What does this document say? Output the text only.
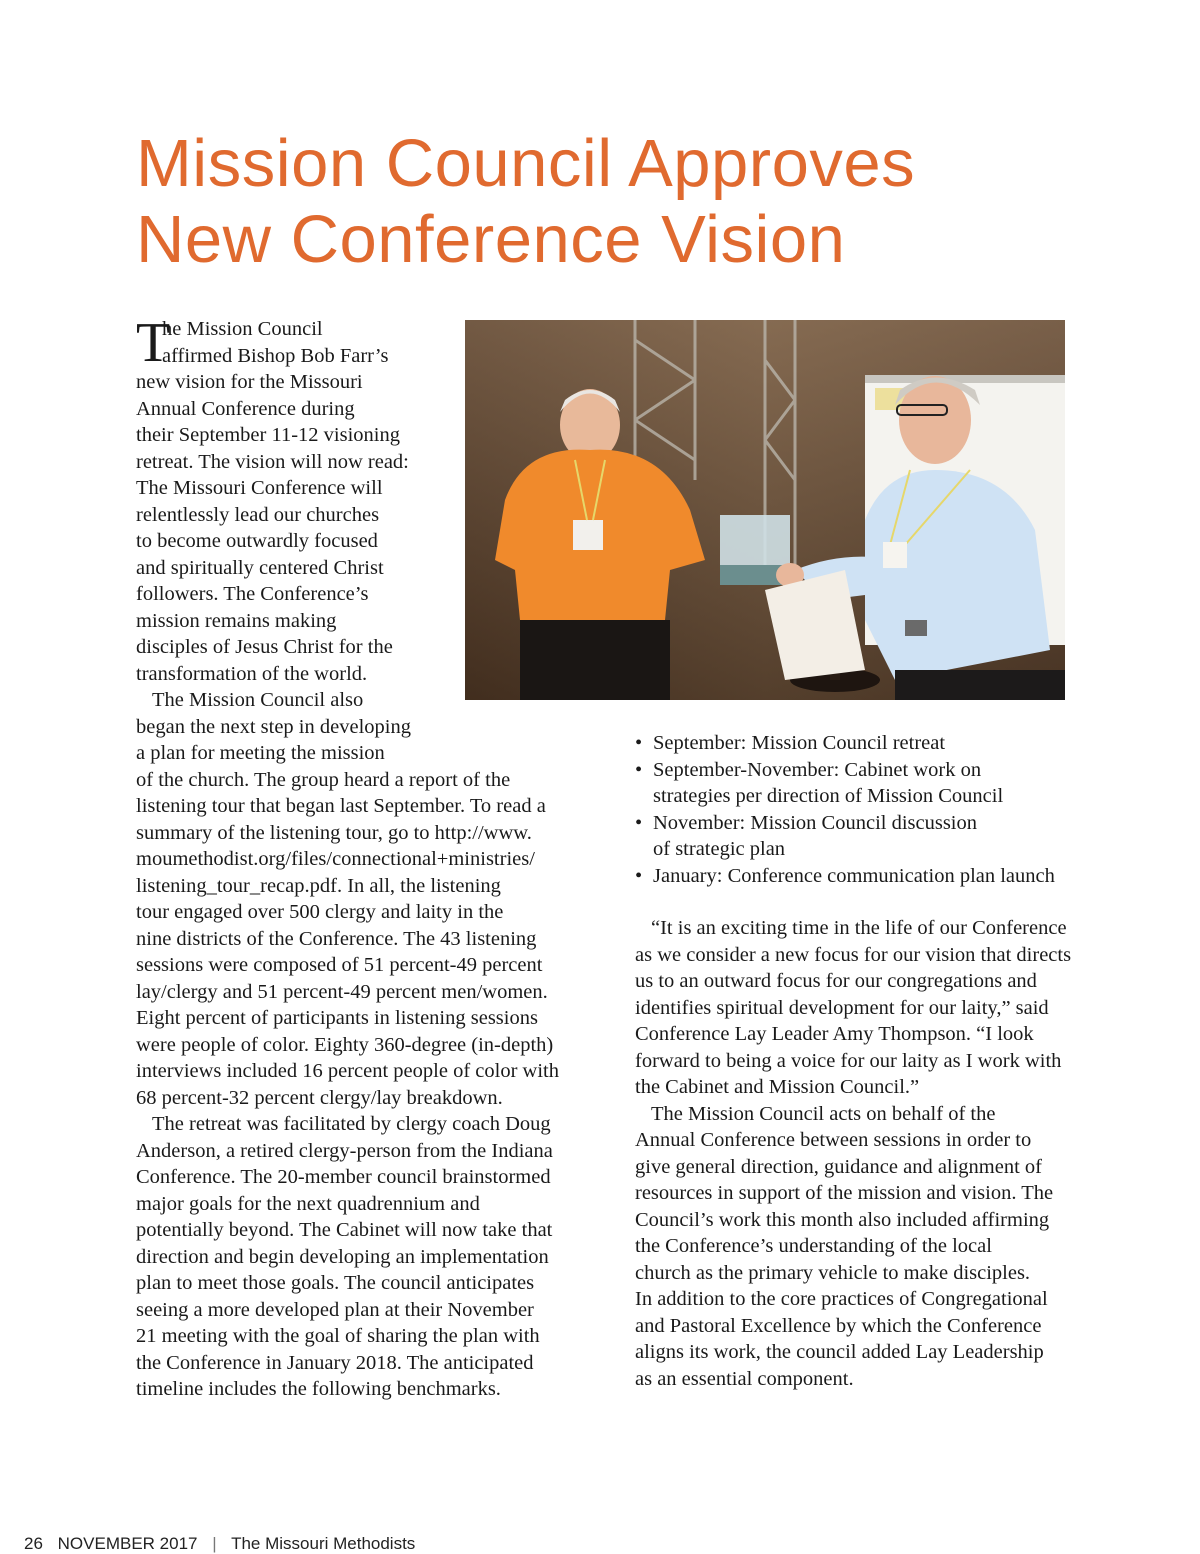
Mission Council Approves
New Conference Vision
T
he Mission Council
affirmed Bishop Bob Farr’s
new vision for the Missouri
Annual Conference during
their September 11-12 visioning
retreat. The vision will now read:
The Missouri Conference will
relentlessly lead our churches
to become outwardly focused
and spiritually centered Christ
followers. The Conference’s
mission remains making
disciples of Jesus Christ for the
transformation of the world.
The Mission Council also
began the next step in developing
a plan for meeting the mission
of the church. The group heard a report of the
listening tour that began last September. To read a
summary of the listening tour, go to http://www.
moumethodist.org/files/connectional+ministries/
listening_tour_recap.pdf. In all, the listening
tour engaged over 500 clergy and laity in the
nine districts of the Conference. The 43 listening
sessions were composed of 51 percent-49 percent
lay/clergy and 51 percent-49 percent men/women.
Eight percent of participants in listening sessions
were people of color. Eighty 360-degree (in-depth)
interviews included 16 percent people of color with
68 percent-32 percent clergy/lay breakdown.
The retreat was facilitated by clergy coach Doug
Anderson, a retired clergy-person from the Indiana
Conference. The 20-member council brainstormed
major goals for the next quadrennium and
potentially beyond. The Cabinet will now take that
direction and begin developing an implementation
plan to meet those goals. The council anticipates
seeing a more developed plan at their November
21 meeting with the goal of sharing the plan with
the Conference in January 2018. The anticipated
timeline includes the following benchmarks.
• September: Mission Council retreat
• September-November: Cabinet work on
strategies per direction of Mission Council
• November: Mission Council discussion
of strategic plan
• January: Conference communication plan launch
“It is an exciting time in the life of our Conference
as we consider a new focus for our vision that directs
us to an outward focus for our congregations and
identifies spiritual development for our laity,” said
Conference Lay Leader Amy Thompson. “I look
forward to being a voice for our laity as I work with
the Cabinet and Mission Council.”
The Mission Council acts on behalf of the
Annual Conference between sessions in order to
give general direction, guidance and alignment of
resources in support of the mission and vision. The
Council’s work this month also included affirming
the Conference’s understanding of the local
church as the primary vehicle to make disciples.
In addition to the core practices of Congregational
and Pastoral Excellence by which the Conference
aligns its work, the council added Lay Leadership
as an essential component.
26 NOVEMBER 2017 | The Missouri Methodists
